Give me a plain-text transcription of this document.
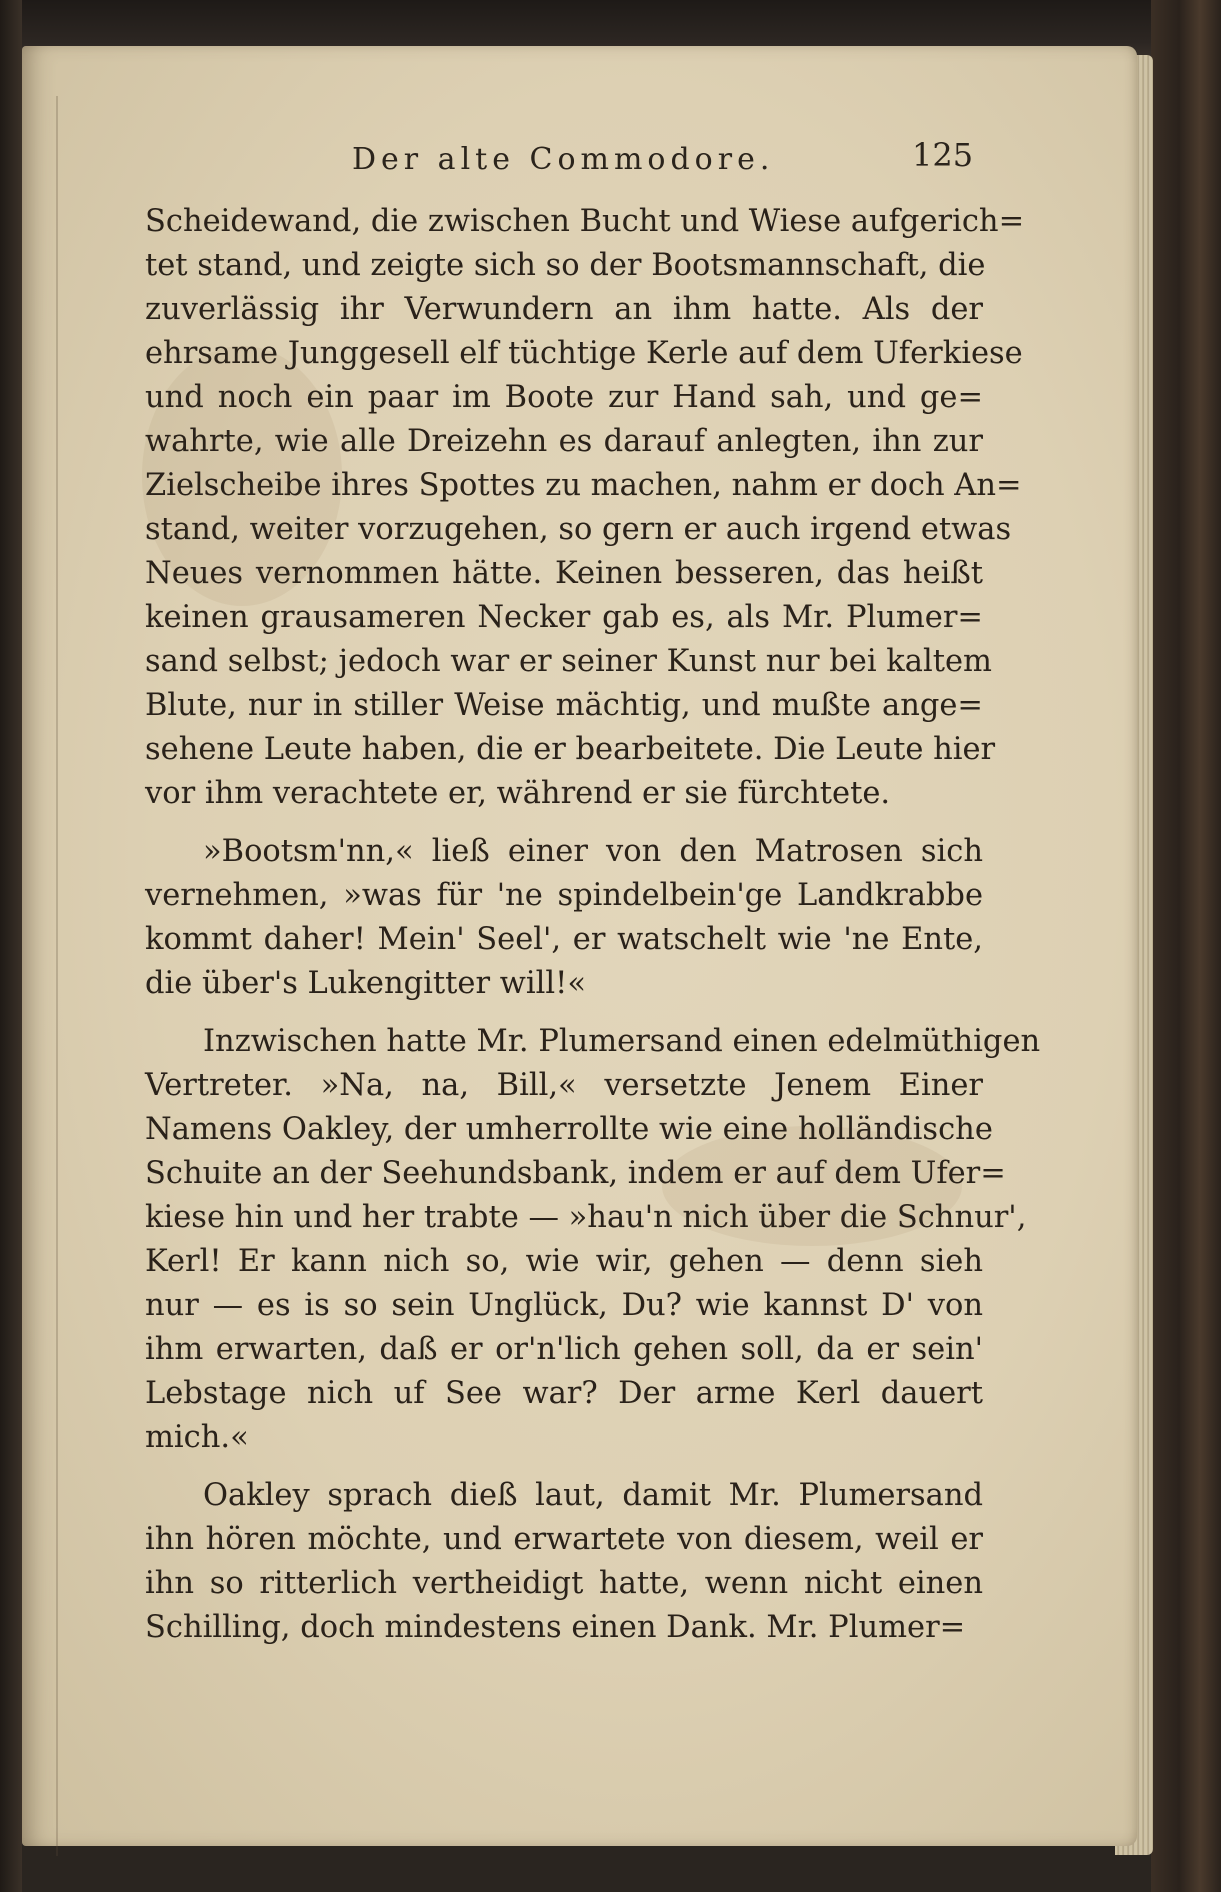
Der alte Commodore.	125
Scheidewand, die zwischen Bucht und Wiese aufgerich=
tet stand, und zeigte sich so der Bootsmannschaft, die
zuverlässig ihr Verwundern an ihm hatte. Als der
ehrsame Junggesell elf tüchtige Kerle auf dem Uferkiese
und noch ein paar im Boote zur Hand sah, und ge=
wahrte, wie alle Dreizehn es darauf anlegten, ihn zur
Zielscheibe ihres Spottes zu machen, nahm er doch An=
stand, weiter vorzugehen, so gern er auch irgend etwas
Neues vernommen hätte. Keinen besseren, das heißt
keinen grausameren Necker gab es, als Mr. Plumer=
sand selbst; jedoch war er seiner Kunst nur bei kaltem
Blute, nur in stiller Weise mächtig, und mußte ange=
sehene Leute haben, die er bearbeitete. Die Leute hier
vor ihm verachtete er, während er sie fürchtete.
»Bootsm'nn,« ließ einer von den Matrosen sich
vernehmen, »was für 'ne spindelbein'ge Landkrabbe
kommt daher! Mein' Seel', er watschelt wie 'ne Ente,
die über's Lukengitter will!«
Inzwischen hatte Mr. Plumersand einen edelmüthigen
Vertreter. »Na, na, Bill,« versetzte Jenem Einer
Namens Oakley, der umherrollte wie eine holländische
Schuite an der Seehundsbank, indem er auf dem Ufer=
kiese hin und her trabte — »hau'n nich über die Schnur',
Kerl! Er kann nich so, wie wir, gehen — denn sieh
nur — es is so sein Unglück, Du? wie kannst D' von
ihm erwarten, daß er or'n'lich gehen soll, da er sein'
Lebstage nich uf See war? Der arme Kerl dauert
mich.«
Oakley sprach dieß laut, damit Mr. Plumersand
ihn hören möchte, und erwartete von diesem, weil er
ihn so ritterlich vertheidigt hatte, wenn nicht einen
Schilling, doch mindestens einen Dank. Mr. Plumer=
